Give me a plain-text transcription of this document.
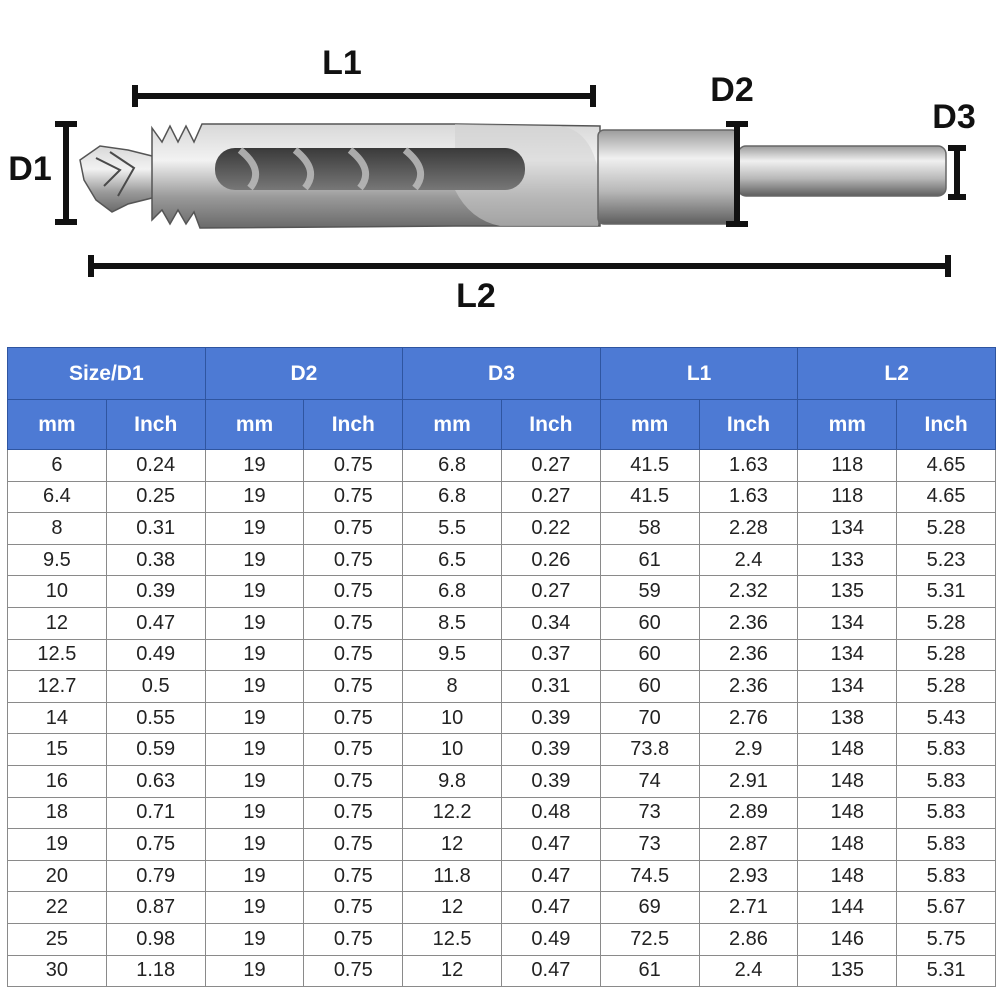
L1
L2
D1
D2
D3
Size/D1		D2		D3		L1		L2	
mm	Inch	mm	Inch	mm	Inch	mm	Inch	mm	Inch
6	0.24	19	0.75	6.8	0.27	41.5	1.63	118	4.65
6.4	0.25	19	0.75	6.8	0.27	41.5	1.63	118	4.65
8	0.31	19	0.75	5.5	0.22	58	2.28	134	5.28
9.5	0.38	19	0.75	6.5	0.26	61	2.4	133	5.23
10	0.39	19	0.75	6.8	0.27	59	2.32	135	5.31
12	0.47	19	0.75	8.5	0.34	60	2.36	134	5.28
12.5	0.49	19	0.75	9.5	0.37	60	2.36	134	5.28
12.7	0.5	19	0.75	8	0.31	60	2.36	134	5.28
14	0.55	19	0.75	10	0.39	70	2.76	138	5.43
15	0.59	19	0.75	10	0.39	73.8	2.9	148	5.83
16	0.63	19	0.75	9.8	0.39	74	2.91	148	5.83
18	0.71	19	0.75	12.2	0.48	73	2.89	148	5.83
19	0.75	19	0.75	12	0.47	73	2.87	148	5.83
20	0.79	19	0.75	11.8	0.47	74.5	2.93	148	5.83
22	0.87	19	0.75	12	0.47	69	2.71	144	5.67
25	0.98	19	0.75	12.5	0.49	72.5	2.86	146	5.75
30	1.18	19	0.75	12	0.47	61	2.4	135	5.31
